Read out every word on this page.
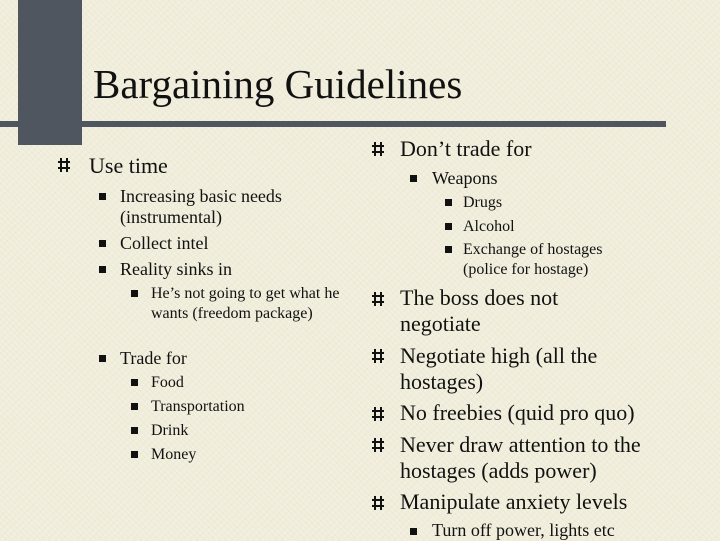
Bargaining Guidelines
Use time
Increasing basic needs (instrumental)
Collect intel
Reality sinks in
He’s not going to get what he wants (freedom package)
Trade for
Food
Transportation
Drink
Money
Don’t trade for
Weapons
Drugs
Alcohol
Exchange of hostages (police for hostage)
The boss does not negotiate
Negotiate high (all the hostages)
No freebies (quid pro quo)
Never draw attention to the hostages (adds power)
Manipulate anxiety levels
Turn off power, lights etc
